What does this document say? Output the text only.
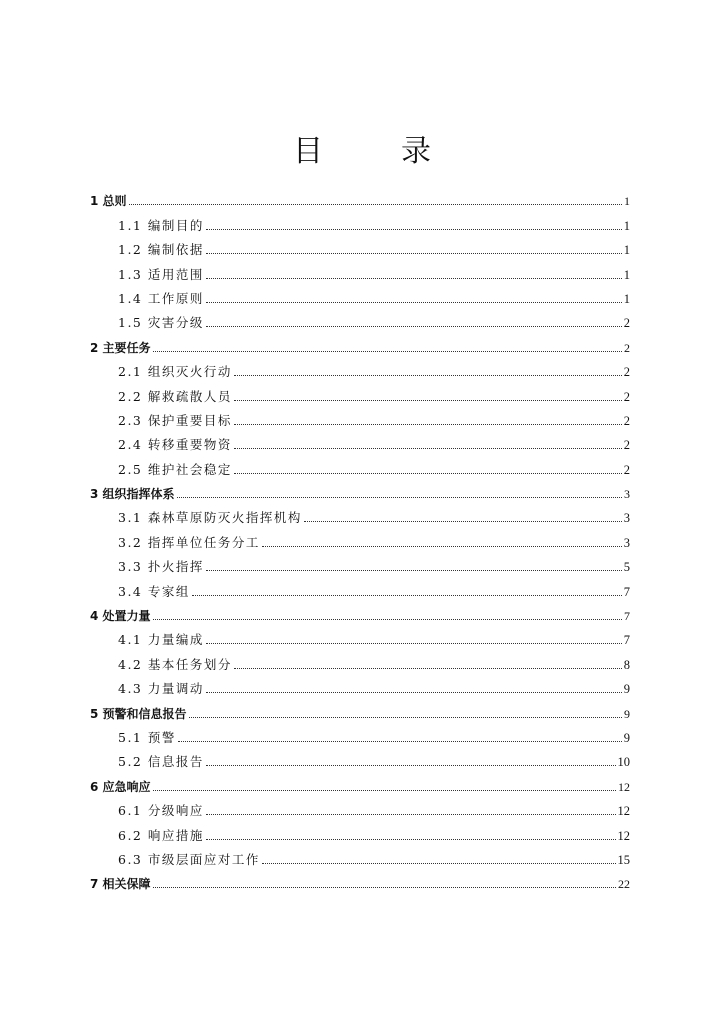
目　录
1 总则	1
1.1 编制目的	1
1.2 编制依据	1
1.3 适用范围	1
1.4 工作原则	1
1.5 灾害分级	2
2 主要任务	2
2.1 组织灭火行动	2
2.2 解救疏散人员	2
2.3 保护重要目标	2
2.4 转移重要物资	2
2.5 维护社会稳定	2
3 组织指挥体系	3
3.1 森林草原防灭火指挥机构	3
3.2 指挥单位任务分工	3
3.3 扑火指挥	5
3.4 专家组	7
4 处置力量	7
4.1 力量编成	7
4.2 基本任务划分	8
4.3 力量调动	9
5 预警和信息报告	9
5.1 预警	9
5.2 信息报告	10
6 应急响应	12
6.1 分级响应	12
6.2 响应措施	12
6.3 市级层面应对工作	15
7 相关保障	22
